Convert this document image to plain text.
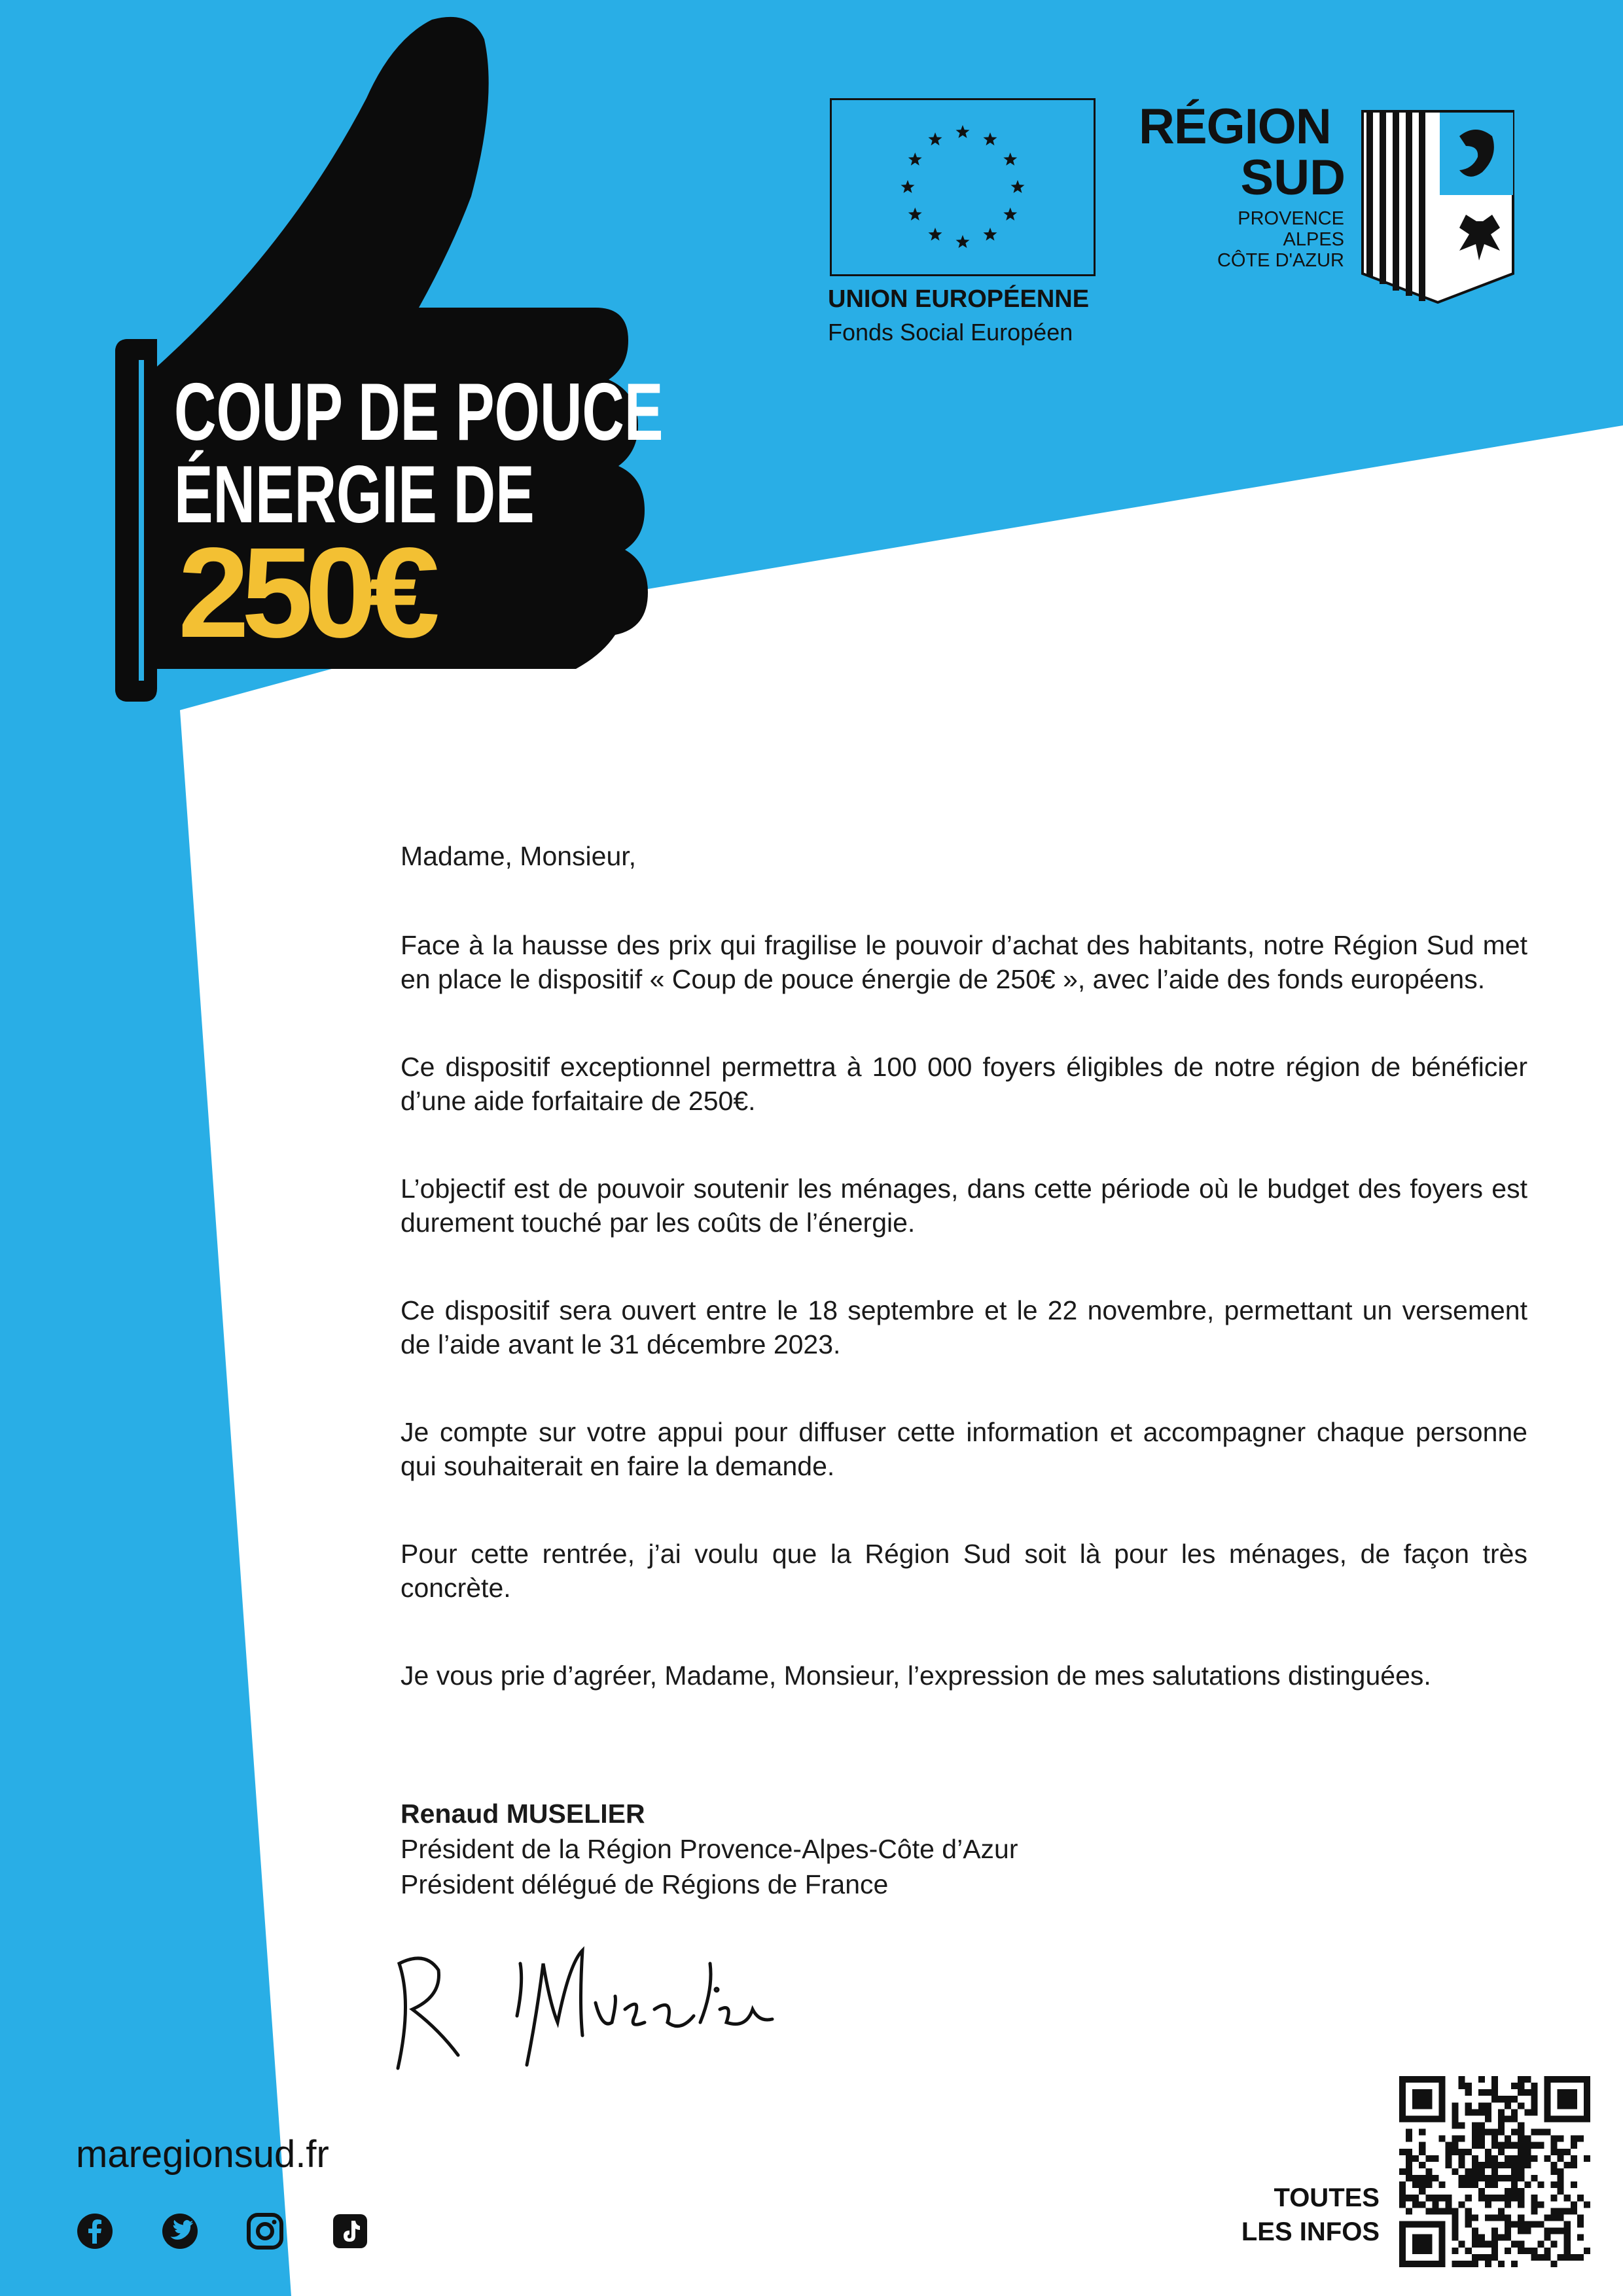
COUP DE POUCE
ÉNERGIE DE
250€
UNION EUROPÉENNE
Fonds Social Européen
RÉGION
SUD
PROVENCE
ALPES
CÔTE D'AZUR

Madame, Monsieur,

Face à la hausse des prix qui fragilise le pouvoir d’achat des habitants, notre Région Sud met en place le dispositif « Coup de pouce énergie de 250€ », avec l’aide des fonds européens.

Ce dispositif exceptionnel permettra à 100 000 foyers éligibles de notre région de bénéficier d’une aide forfaitaire de 250€.

L’objectif est de pouvoir soutenir les ménages, dans cette période où le budget des foyers est durement touché par les coûts de l’énergie.

Ce dispositif sera ouvert entre le 18 septembre et le 22 novembre, permettant un versement de l’aide avant le 31 décembre 2023.

Je compte sur votre appui pour diffuser cette information et accompagner chaque personne qui souhaiterait en faire la demande.

Pour cette rentrée, j’ai voulu que la Région Sud soit là pour les ménages, de façon très concrète.

Je vous prie d’agréer, Madame, Monsieur, l’expression de mes salutations distinguées.

Renaud MUSELIER
Président de la Région Provence-Alpes-Côte d’Azur
Président délégué de Régions de France
maregionsud.fr
TOUTES
LES INFOS
